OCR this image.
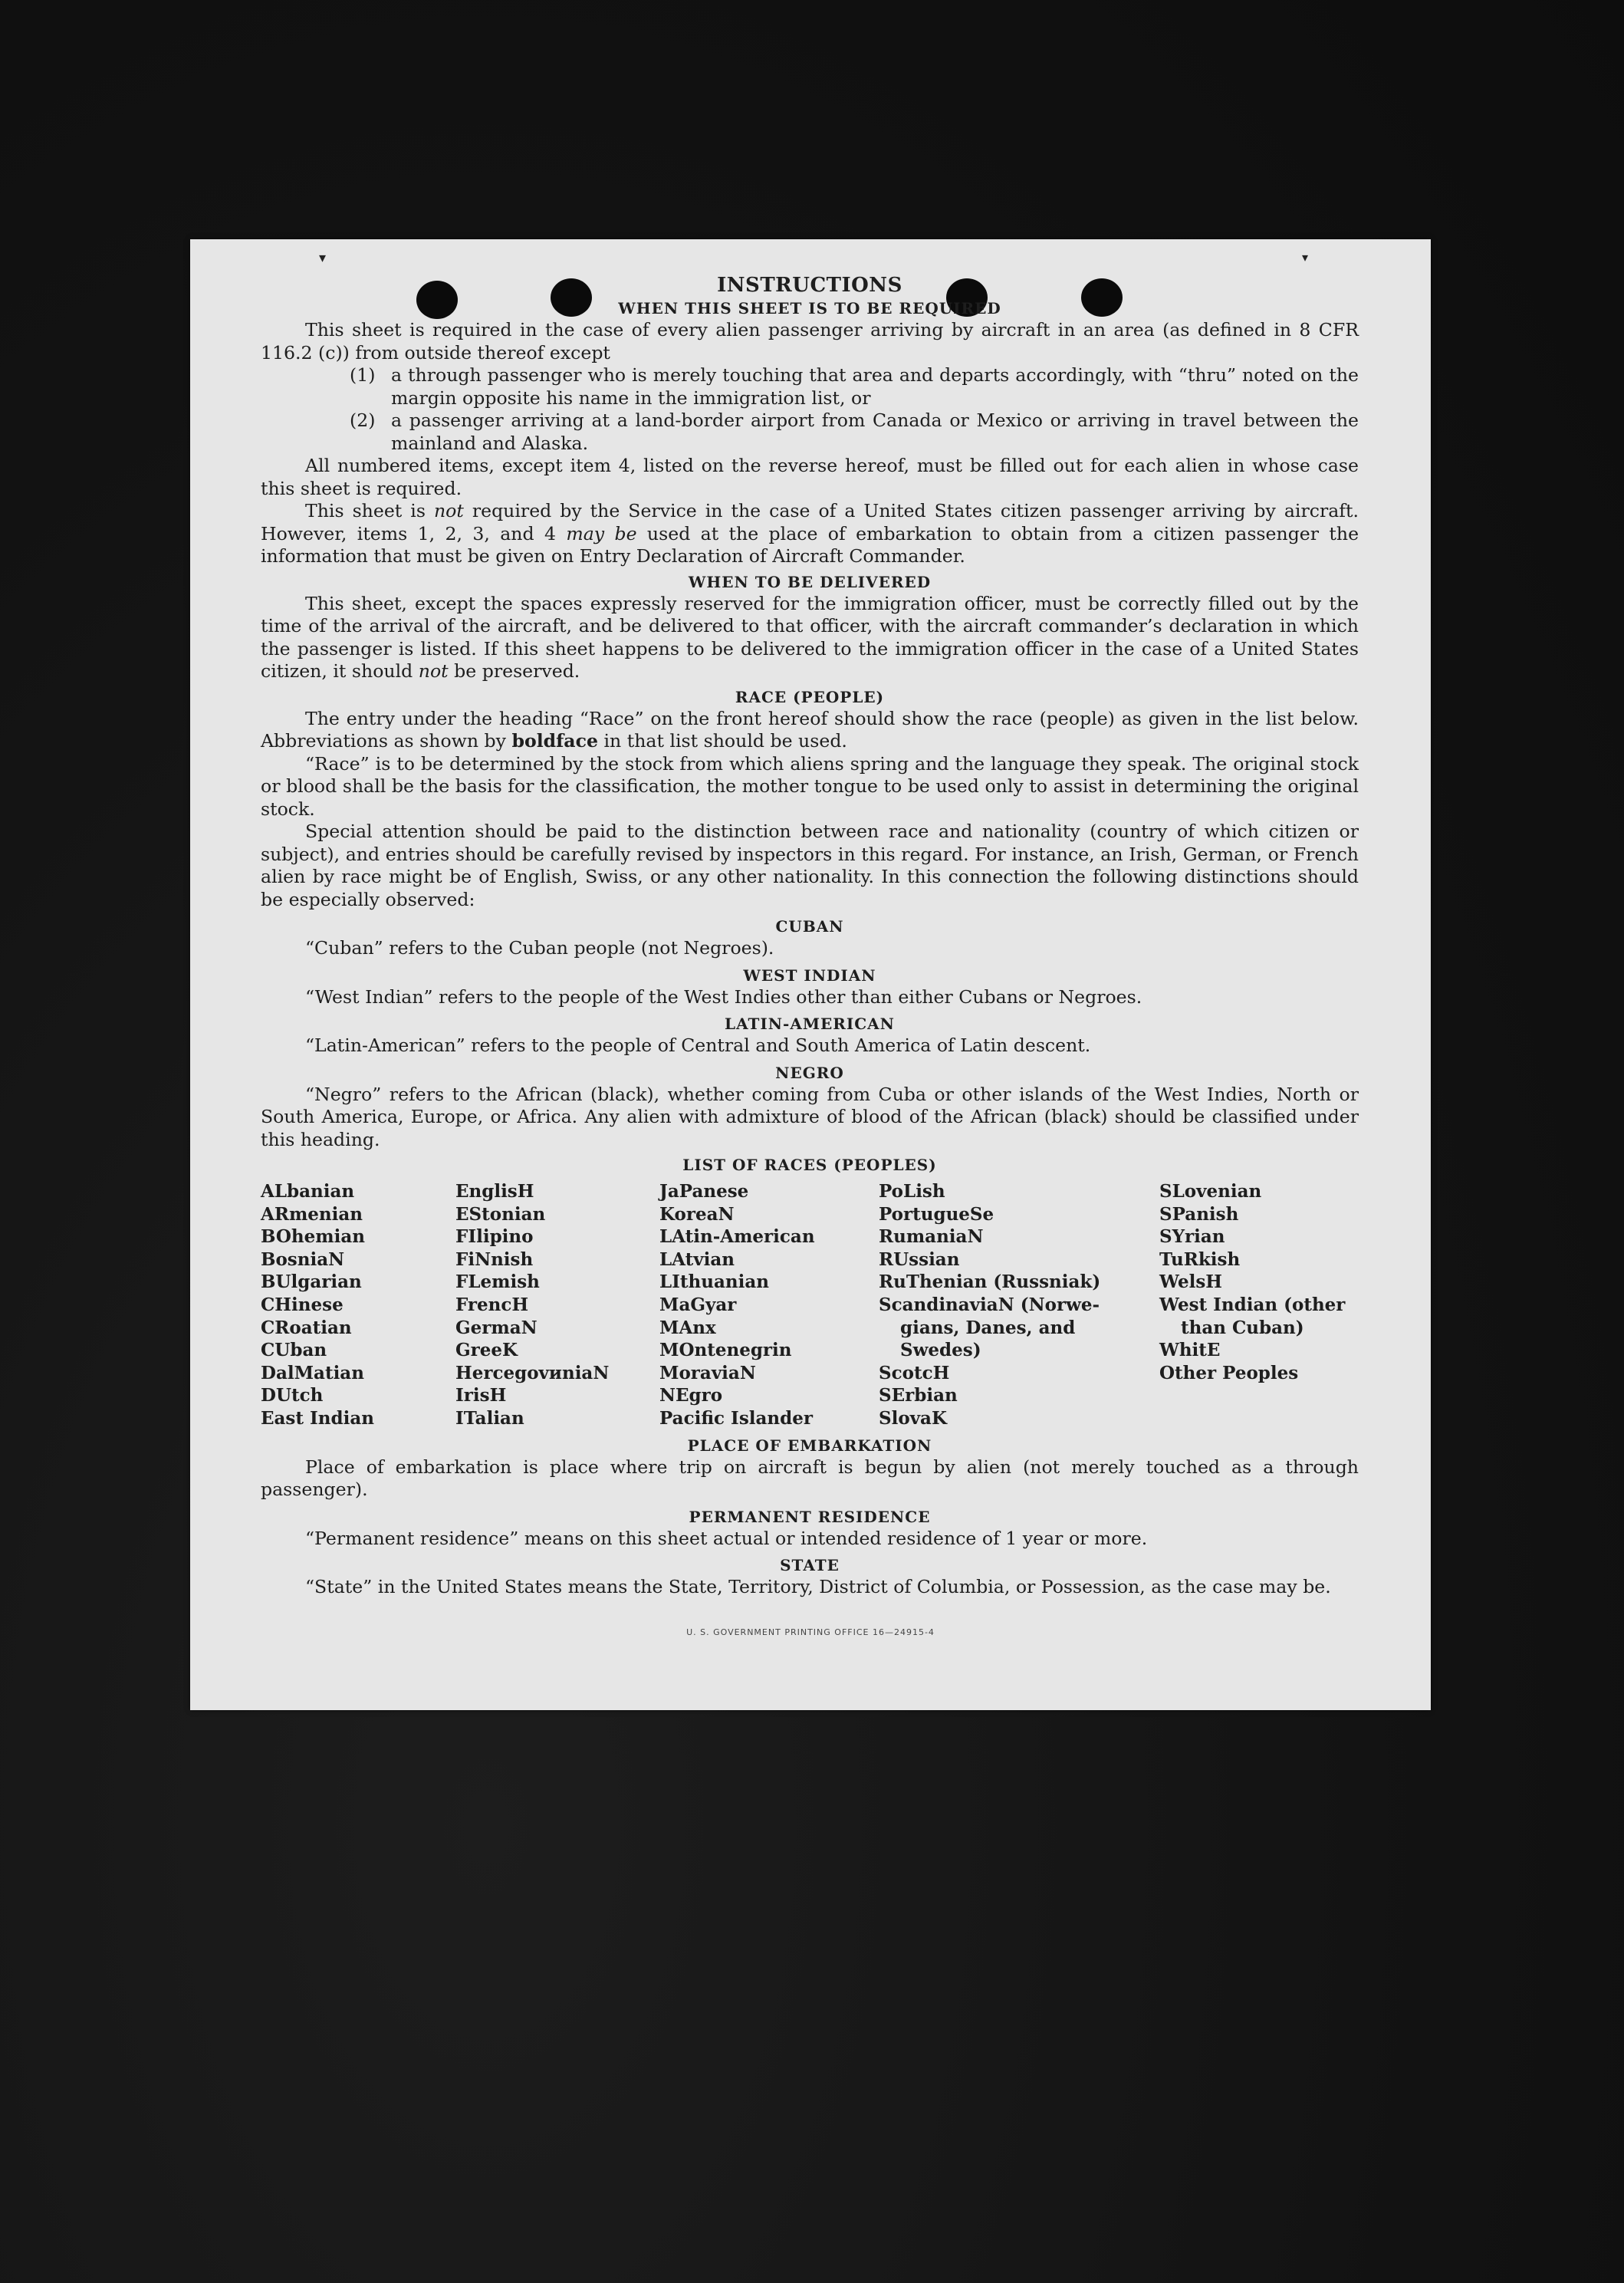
▾	▾
INSTRUCTIONS
WHEN THIS SHEET IS TO BE REQUIRED

This sheet is required in the case of every alien passenger arriving by aircraft in an area (as defined in 8 CFR 116.2 (c)) from outside thereof except

(1) a through passenger who is merely touching that area and departs accordingly, with “thru” noted on the margin opposite his name in the immigration list, or
(2) a passenger arriving at a land-border airport from Canada or Mexico or arriving in travel between the mainland and Alaska.

All numbered items, except item 4, listed on the reverse hereof, must be filled out for each alien in whose case this sheet is required.

This sheet is not required by the Service in the case of a United States citizen passenger arriving by aircraft. However, items 1, 2, 3, and 4 may be used at the place of embarkation to obtain from a citizen passenger the information that must be given on Entry Declaration of Aircraft Commander.

WHEN TO BE DELIVERED

This sheet, except the spaces expressly reserved for the immigration officer, must be correctly filled out by the time of the arrival of the aircraft, and be delivered to that officer, with the aircraft commander’s declaration in which the passenger is listed. If this sheet happens to be delivered to the immigration officer in the case of a United States citizen, it should not be preserved.

RACE (PEOPLE)

The entry under the heading “Race” on the front hereof should show the race (people) as given in the list below. Abbreviations as shown by boldface in that list should be used.

“Race” is to be determined by the stock from which aliens spring and the language they speak. The original stock or blood shall be the basis for the classification, the mother tongue to be used only to assist in determining the original stock.

Special attention should be paid to the distinction between race and nationality (country of which citizen or subject), and entries should be carefully revised by inspectors in this regard. For instance, an Irish, German, or French alien by race might be of English, Swiss, or any other nationality. In this connection the following distinctions should be especially observed:

CUBAN

“Cuban” refers to the Cuban people (not Negroes).

WEST INDIAN

“West Indian” refers to the people of the West Indies other than either Cubans or Negroes.

LATIN-AMERICAN

“Latin-American” refers to the people of Central and South America of Latin descent.

NEGRO

“Negro” refers to the African (black), whether coming from Cuba or other islands of the West Indies, North or South America, Europe, or Africa. Any alien with admixture of blood of the African (black) should be classified under this heading.

LIST OF RACES (PEOPLES)
ALbanian
ARmenian
BOhemian
BosniaN
BUlgarian
CHinese
CRoatian
CUban
DalMatian
DUtch
East Indian
EnglisH
EStonian
FIlipino
FiNnish
FLemish
FrencH
GermaN
GreeK
HercegovиniaN
IrisH
ITalian
JaPanese
KoreaN
LAtin-American
LAtvian
LIthuanian
MaGyar
MAnx
MOntenegrin
MoraviaN
NEgro
Pacific Islander
PoLish
PortugueSe
RumaniaN
RUssian
RuThenian (Russniak)
ScandinaviaN (Norwe-
gians, Danes, and
Swedes)
ScotcH
SErbian
SlovaK
SLovenian
SPanish
SYrian
TuRkish
WelsH
West Indian (other
than Cuban)
WhitE
Other Peoples
PLACE OF EMBARKATION

Place of embarkation is place where trip on aircraft is begun by alien (not merely touched as a through passenger).

PERMANENT RESIDENCE

“Permanent residence” means on this sheet actual or intended residence of 1 year or more.

STATE

“State” in the United States means the State, Territory, District of Columbia, or Possession, as the case may be.

U. S. GOVERNMENT PRINTING OFFICE 16—24915-4
